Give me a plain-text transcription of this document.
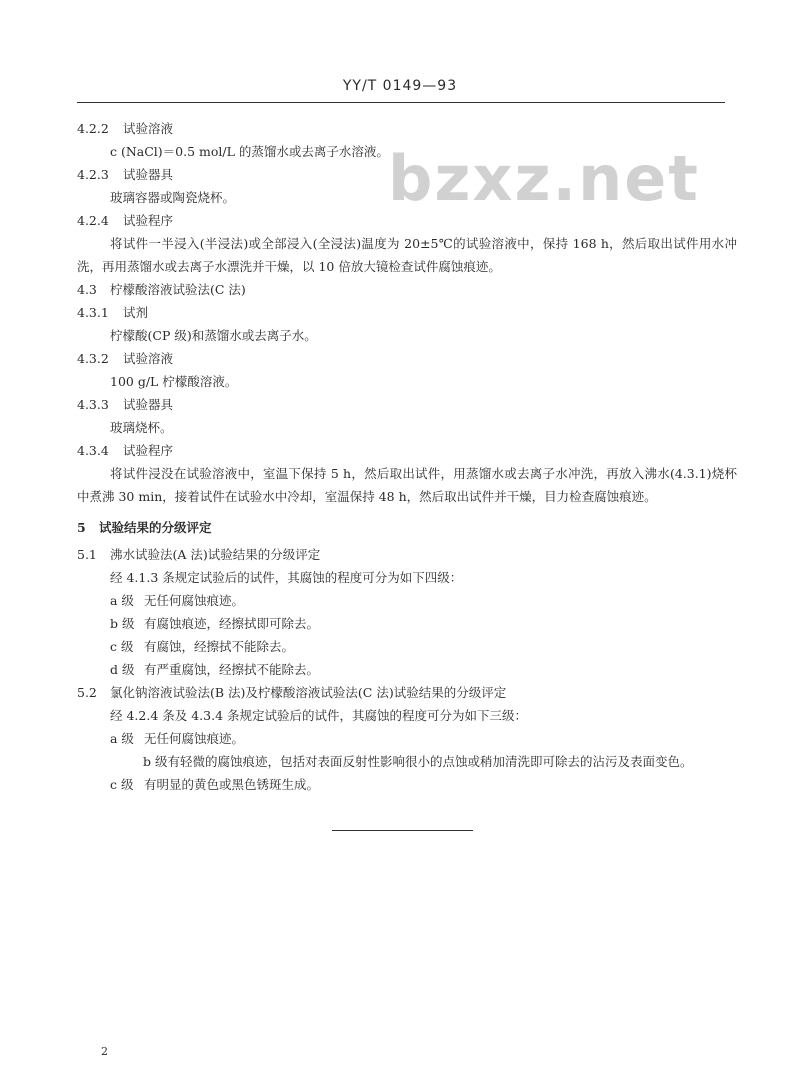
YY/T 0149—93
bzxz.net
4.2.2 试验溶液
c (NaCl)＝0.5 mol/L 的蒸馏水或去离子水溶液。
4.2.3 试验器具
玻璃容器或陶瓷烧杯。
4.2.4 试验程序
将试件一半浸入(半浸法)或全部浸入(全浸法)温度为 20±5℃的试验溶液中，保持 168 h，然后取出试件用水冲洗，再用蒸馏水或去离子水漂洗并干燥，以 10 倍放大镜检查试件腐蚀痕迹。
4.3 柠檬酸溶液试验法(C 法)
4.3.1 试剂
柠檬酸(CP 级)和蒸馏水或去离子水。
4.3.2 试验溶液
100 g/L 柠檬酸溶液。
4.3.3 试验器具
玻璃烧杯。
4.3.4 试验程序
将试件浸没在试验溶液中，室温下保持 5 h，然后取出试件，用蒸馏水或去离子水冲洗，再放入沸水(4.3.1)烧杯中煮沸 30 min，接着试件在试验水中冷却，室温保持 48 h，然后取出试件并干燥，目力检查腐蚀痕迹。
5 试验结果的分级评定
5.1 沸水试验法(A 法)试验结果的分级评定
经 4.1.3 条规定试验后的试件，其腐蚀的程度可分为如下四级：
a 级 无任何腐蚀痕迹。
b 级 有腐蚀痕迹，经擦拭即可除去。
c 级 有腐蚀，经擦拭不能除去。
d 级 有严重腐蚀，经擦拭不能除去。
5.2 氯化钠溶液试验法(B 法)及柠檬酸溶液试验法(C 法)试验结果的分级评定
经 4.2.4 条及 4.3.4 条规定试验后的试件，其腐蚀的程度可分为如下三级：
a 级 无任何腐蚀痕迹。
b 级有轻微的腐蚀痕迹，包括对表面反射性影响很小的点蚀或稍加清洗即可除去的沾污及表面变色。
c 级 有明显的黄色或黑色锈斑生成。
2
